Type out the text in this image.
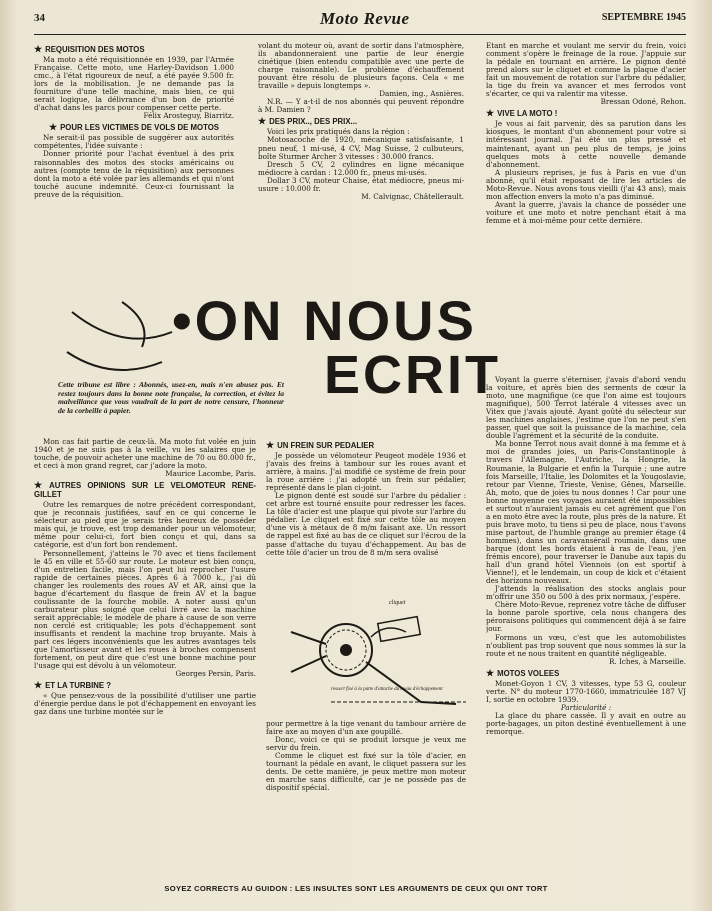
34	Moto Revue	SEPTEMBRE 1945
★ REQUISITION DES MOTOS

Ma moto a été réquisitionnée en 1939, par l'Armée Française. Cette moto, une Harley-Davidson 1.000 cmc., à l'état rigoureux de neuf, a été payée 9.500 fr. lors de la mobilisation. Je ne demande pas la fourniture d'une telle machine, mais bien, ce qui serait logique, la délivrance d'un bon de priorité d'achat dans les parcs pour compenser cette perte.

Félix Arosteguy, Biarritz.

★ POUR LES VICTIMES DE VOLS DE MOTOS

Ne serait-il pas possible de suggérer aux autorités compétentes, l'idée suivante :

Donner priorité pour l'achat éventuel à des prix raisonnables des motos des stocks américains ou autres (compte tenu de la réquisition) aux personnes dont la moto a été volée par les allemands et qui n'ont touché aucune indemnité. Ceux-ci fournissant la preuve de la réquisition.

volant du moteur où, avant de sortir dans l'atmosphère, ils abandonneraient une partie de leur énergie cinétique (bien entendu compatible avec une perte de charge raisonnable). Le problème d'échauffement pouvant être résolu de plusieurs façons. Cela « me travaille » depuis longtemps ».

Damien, ing., Asnières.

N.R. — Y a-t-il de nos abonnés qui peuvent répondre à M. Damien ?

★ DES PRIX.., DES PRIX...

Voici les prix pratiqués dans la région :

Motosacoche de 1920, mécanique satisfaisante, 1 pneu neuf, 1 mi-usé, 4 CV, Mag Suisse, 2 culbuteurs, boîte Sturmer Archer 3 vitesses : 30.000 francs.

Dresch 5 CV, 2 cylindres en ligne mécanique médiocre à cardan : 12.000 fr., pneus mi-usés.

Dollar 3 CV, moteur Chaise, état médiocre, pneus mi-usure : 10.000 fr.

M. Calvignac, Châtellerault.

Etant en marche et voulant me servir du frein, voici comment s'opère le freinage de la roue. J'appuie sur la pédale en tournant en arrière. Le pignon denté prend alors sur le cliquet et comme la plaque d'acier fait un mouvement de rotation sur l'arbre du pédalier, la tige du frein va avancer et mes ferrodos vont s'écarter, ce qui va ralentir ma vitesse.

Bressan Odoné, Rehon.

★ VIVE LA MOTO !

Je vous ai fait parvenir, dès sa parution dans les kiosques, le montant d'un abonnement pour votre si intéressant journal. J'ai été un plus pressé et maintenant, ayant un peu plus de temps, je joins quelques mots à cette nouvelle demande d'abonnement.

A plusieurs reprises, je fus à Paris en vue d'un abonné, qu'il était reposant de lire les articles de Moto-Revue. Nous avons tous vieilli (j'ai 43 ans), mais mon affection envers la moto n'a pas diminué.

Avant la guerre, j'avais la chance de posséder une voiture et une moto et notre penchant était à ma femme et à moi-même pour cette dernière.

•ON NOUS
ECRIT
Cette tribune est libre : Abonnés, usez-en, mais n'en abusez pas. Et restez toujours dans la bonne note française, la correction, et évitez la malveillance que vous vaudrait de la part de notre censure, l'honneur de la corbeille à papier.

Mon cas fait partie de ceux-là. Ma moto fut volée en juin 1940 et je ne suis pas à la veille, vu les salaires que je touche, de pouvoir acheter une machine de 70 ou 80.000 fr., et ceci à mon grand regret, car j'adore la moto.

Maurice Lacombe, Paris.

★ AUTRES OPINIONS SUR LE VELOMOTEUR RENE-GILLET

Outre les remarques de notre précédent correspondant, que je reconnais justifiées, sauf en ce qui concerne le sélecteur au pied que je serais très heureux de posséder mais qui, je trouve, est trop demander pour un vélomoteur, même pour celui-ci, fort bien conçu et qui, dans sa catégorie, est d'un fort bon rendement.

Personnellement, j'atteins le 70 avec et tiens facilement le 45 en ville et 55-60 sur route. Le moteur est bien conçu, d'un entretien facile, mais l'on peut lui reprocher l'usure rapide de certaines pièces. Après 6 à 7000 k., j'ai dû changer les roulements des roues AV et AR, ainsi que la bague d'écartement du flasque de frein AV et la bague coulissante de la fourche mobile. A noter aussi qu'un carburateur plus soigné que celui livré avec la machine serait appréciable; le modèle de phare à cause de son verre non cerclé est critiquable; les pots d'échappement sont insuffisants et rendent la machine trop bruyante. Mais à part ces légers inconvénients que les autres avantages tels que l'amortisseur avant et les roues à broches compensent fortement, on peut dire que c'est une bonne machine pour l'usage qui est dévolu à un vélomoteur.

Georges Persin, Paris.

★ ET LA TURBINE ?

« Que pensez-vous de la possibilité d'utiliser une partie d'énergie perdue dans le pot d'échappement en envoyant les gaz dans une turbine montée sur le

★ UN FREIN SUR PEDALIER

Je possède un vélomoteur Peugeot modèle 1936 et j'avais des freins à tambour sur les roues avant et arrière, à mains. J'ai modifié ce système de frein pour la roue arrière : j'ai adopté un frein sur pédalier, représenté dans le plan ci-joint.

Le pignon denté est soudé sur l'arbre du pédalier : cet arbre est tourné ensuite pour redresser les faces. La tôle d'acier est une plaque qui pivote sur l'arbre du pédalier. Le cliquet est fixé sur cette tôle au moyen d'une vis à métaux de 8 m/m faisant axe. Un ressort de rappel est fixé au bas de ce cliquet sur l'écrou de la passe d'attache du tuyau d'échappement. Au bas de cette tôle d'acier un trou de 8 m/m sera ovalisé

cliquet
ressort fixé à la patte d'attache du tuyau d'échappement

pour permettre à la tige venant du tambour arrière de faire axe au moyen d'un axe goupillé.

Donc, voici ce qui se produit lorsque je veux me servir du frein.

Comme le cliquet est fixé sur la tôle d'acier, en tournant la pédale en avant, le cliquet passera sur les dents. De cette manière, je peux mettre mon moteur en marche sans difficulté, car je ne possède pas de dispositif spécial.

Voyant la guerre s'éterniser, j'avais d'abord vendu la voiture, et après bien des serments de cœur la moto, une magnifique (ce que l'on aime est toujours magnifique), 500 Terrot latérale 4 vitesses avec un Vitex que j'avais ajouté. Ayant goûté du sélecteur sur les machines anglaises, j'estime que l'on ne peut s'en passer, quel que soit la puissance de la machine, cela double l'agrément et la sécurité de la conduite.

Ma bonne Terrot nous avait donné à ma femme et à moi de grandes joies, un Paris-Constantinople à travers l'Allemagne, l'Autriche, la Hongrie, la Roumanie, la Bulgarie et enfin la Turquie ; une autre fois Marseille, l'Italie, les Dolomites et la Yougoslavie, retour par Vienne, Trieste, Venise, Gênes, Marseille. Ah, moto, que de joies tu nous donnes ! Car pour une bonne moyenne ces voyages auraient été impossibles et surtout n'auraient jamais eu cet agrément que l'on a en moto être avec la route, plus près de la nature. Et puis brave moto, tu tiens si peu de place, nous t'avons mise partout, de l'humble grange au premier étage (4 hommes), dans un caravansérail roumain, dans une barque (dont les bords étaient à ras de l'eau, j'en frémis encore), pour traverser le Danube aux tapis du hall d'un grand hôtel Viennois (on est sportif à Vienne!), et le lendemain, un coup de kick et c'étaient des horizons nouveaux.

J'attends la réalisation des stocks anglais pour m'offrir une 350 ou 500 à des prix normaux, j'espère.

Chère Moto-Revue, reprenez votre tâche de diffuser la bonne parole sportive, cela nous changera des péroraisons politiques qui commencent déjà à se faire jour.

Formons un vœu, c'est que les automobilistes n'oublient pas trop souvent que nous sommes là sur la route et ne nous traitent en quantité négligeable.

R. Iches, à Marseille.

★ MOTOS VOLEES

Monet-Goyon 1 CV, 3 vitesses, type 53 G, couleur verte. N° du moteur 1770-1660, immatriculée 187 VJ I, sortie en octobre 1939.

Particularité :

La glace du phare cassée. Il y avait en outre au porte-bagages, un piton destiné éventuellement à une remorque.

SOYEZ CORRECTS AU GUIDON : LES INSULTES SONT LES ARGUMENTS DE CEUX QUI ONT TORT
